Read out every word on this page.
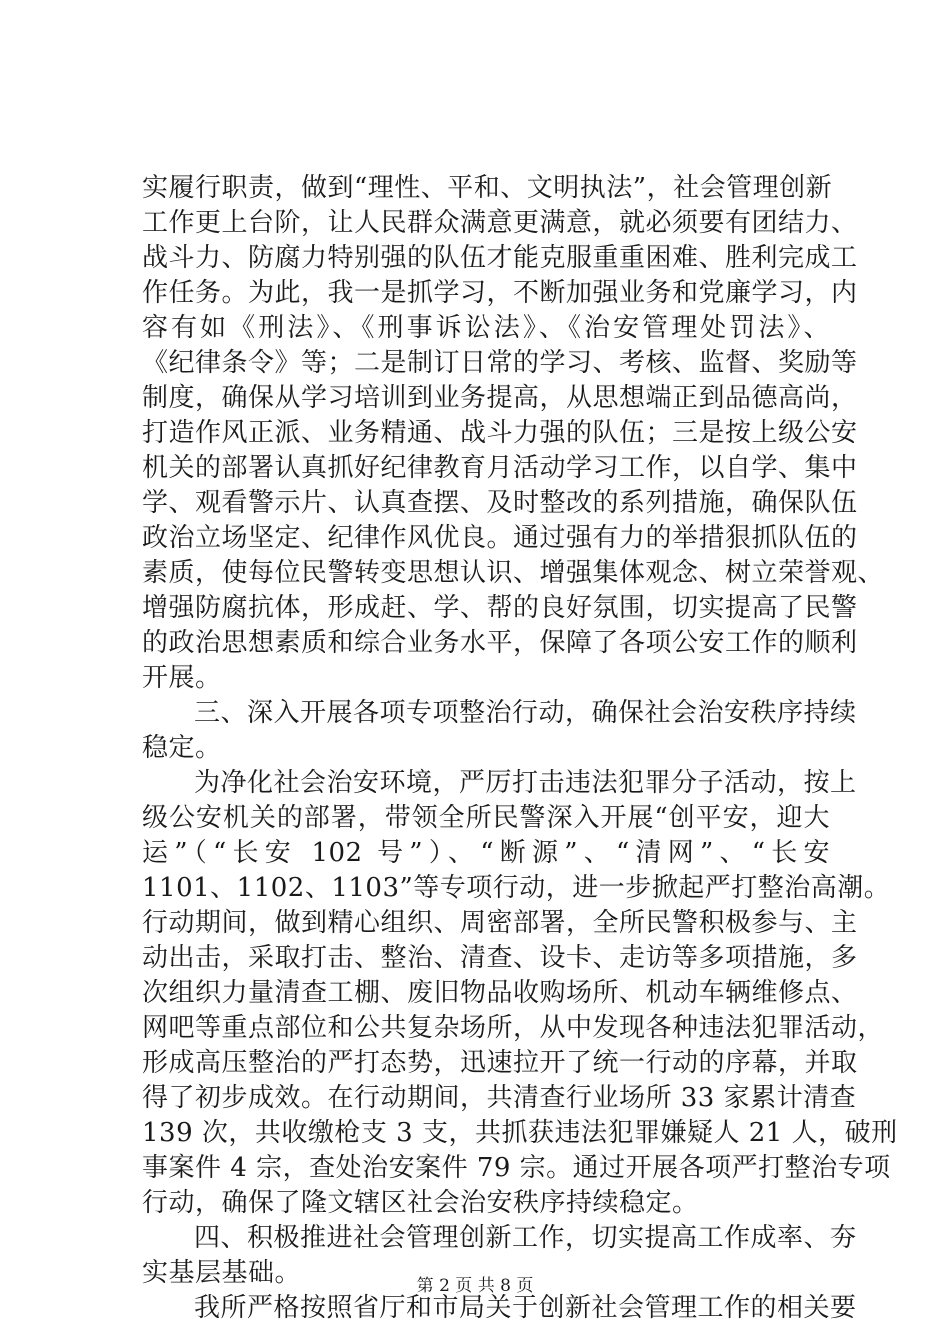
实履行职责，做到“理性、平和、文明执法”，社会管理创新
工作更上台阶，让人民群众满意更满意，就必须要有团结力、
战斗力、防腐力特别强的队伍才能克服重重困难、胜利完成工
作任务。为此，我一是抓学习，不断加强业务和党廉学习，内
容有如《刑法》、《刑事诉讼法》、《治安管理处罚法》、
《纪律条令》等；二是制订日常的学习、考核、监督、奖励等
制度，确保从学习培训到业务提高，从思想端正到品德高尚，
打造作风正派、业务精通、战斗力强的队伍；三是按上级公安
机关的部署认真抓好纪律教育月活动学习工作，以自学、集中
学、观看警示片、认真查摆、及时整改的系列措施，确保队伍
政治立场坚定、纪律作风优良。通过强有力的举措狠抓队伍的
素质，使每位民警转变思想认识、增强集体观念、树立荣誉观、
增强防腐抗体，形成赶、学、帮的良好氛围，切实提高了民警
的政治思想素质和综合业务水平，保障了各项公安工作的顺利
开展。
三、深入开展各项专项整治行动，确保社会治安秩序持续
稳定。
为净化社会治安环境，严厉打击违法犯罪分子活动，按上
级公安机关的部署，带领全所民警深入开展“创平安，迎大
运”（“长安 102 号”）、“断源”、“清网”、“长安
1101、1102、1103”等专项行动，进一步掀起严打整治高潮。
行动期间，做到精心组织、周密部署，全所民警积极参与、主
动出击，采取打击、整治、清查、设卡、走访等多项措施，多
次组织力量清查工棚、废旧物品收购场所、机动车辆维修点、
网吧等重点部位和公共复杂场所，从中发现各种违法犯罪活动，
形成高压整治的严打态势，迅速拉开了统一行动的序幕，并取
得了初步成效。在行动期间，共清查行业场所 33 家累计清查
139 次，共收缴枪支 3 支，共抓获违法犯罪嫌疑人 21 人，破刑
事案件 4 宗，查处治安案件 79 宗。通过开展各项严打整治专项
行动，确保了隆文辖区社会治安秩序持续稳定。
四、积极推进社会管理创新工作，切实提高工作成率、夯
实基层基础。
我所严格按照省厅和市局关于创新社会管理工作的相关要
第 2 页 共 8 页
